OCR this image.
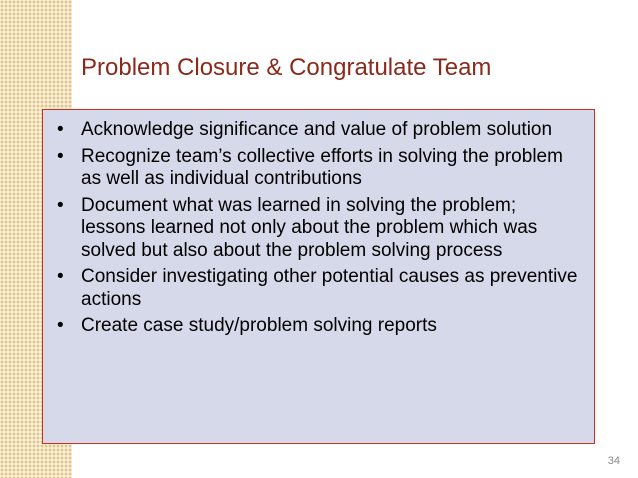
Problem Closure & Congratulate Team
• Acknowledge significance and value of problem solution
• Recognize team’s collective efforts in solving the problem as well as individual contributions
• Document what was learned in solving the problem; lessons learned not only about the problem which was solved but also about the problem solving process
• Consider investigating other potential causes as preventive actions
• Create case study/problem solving reports
34
